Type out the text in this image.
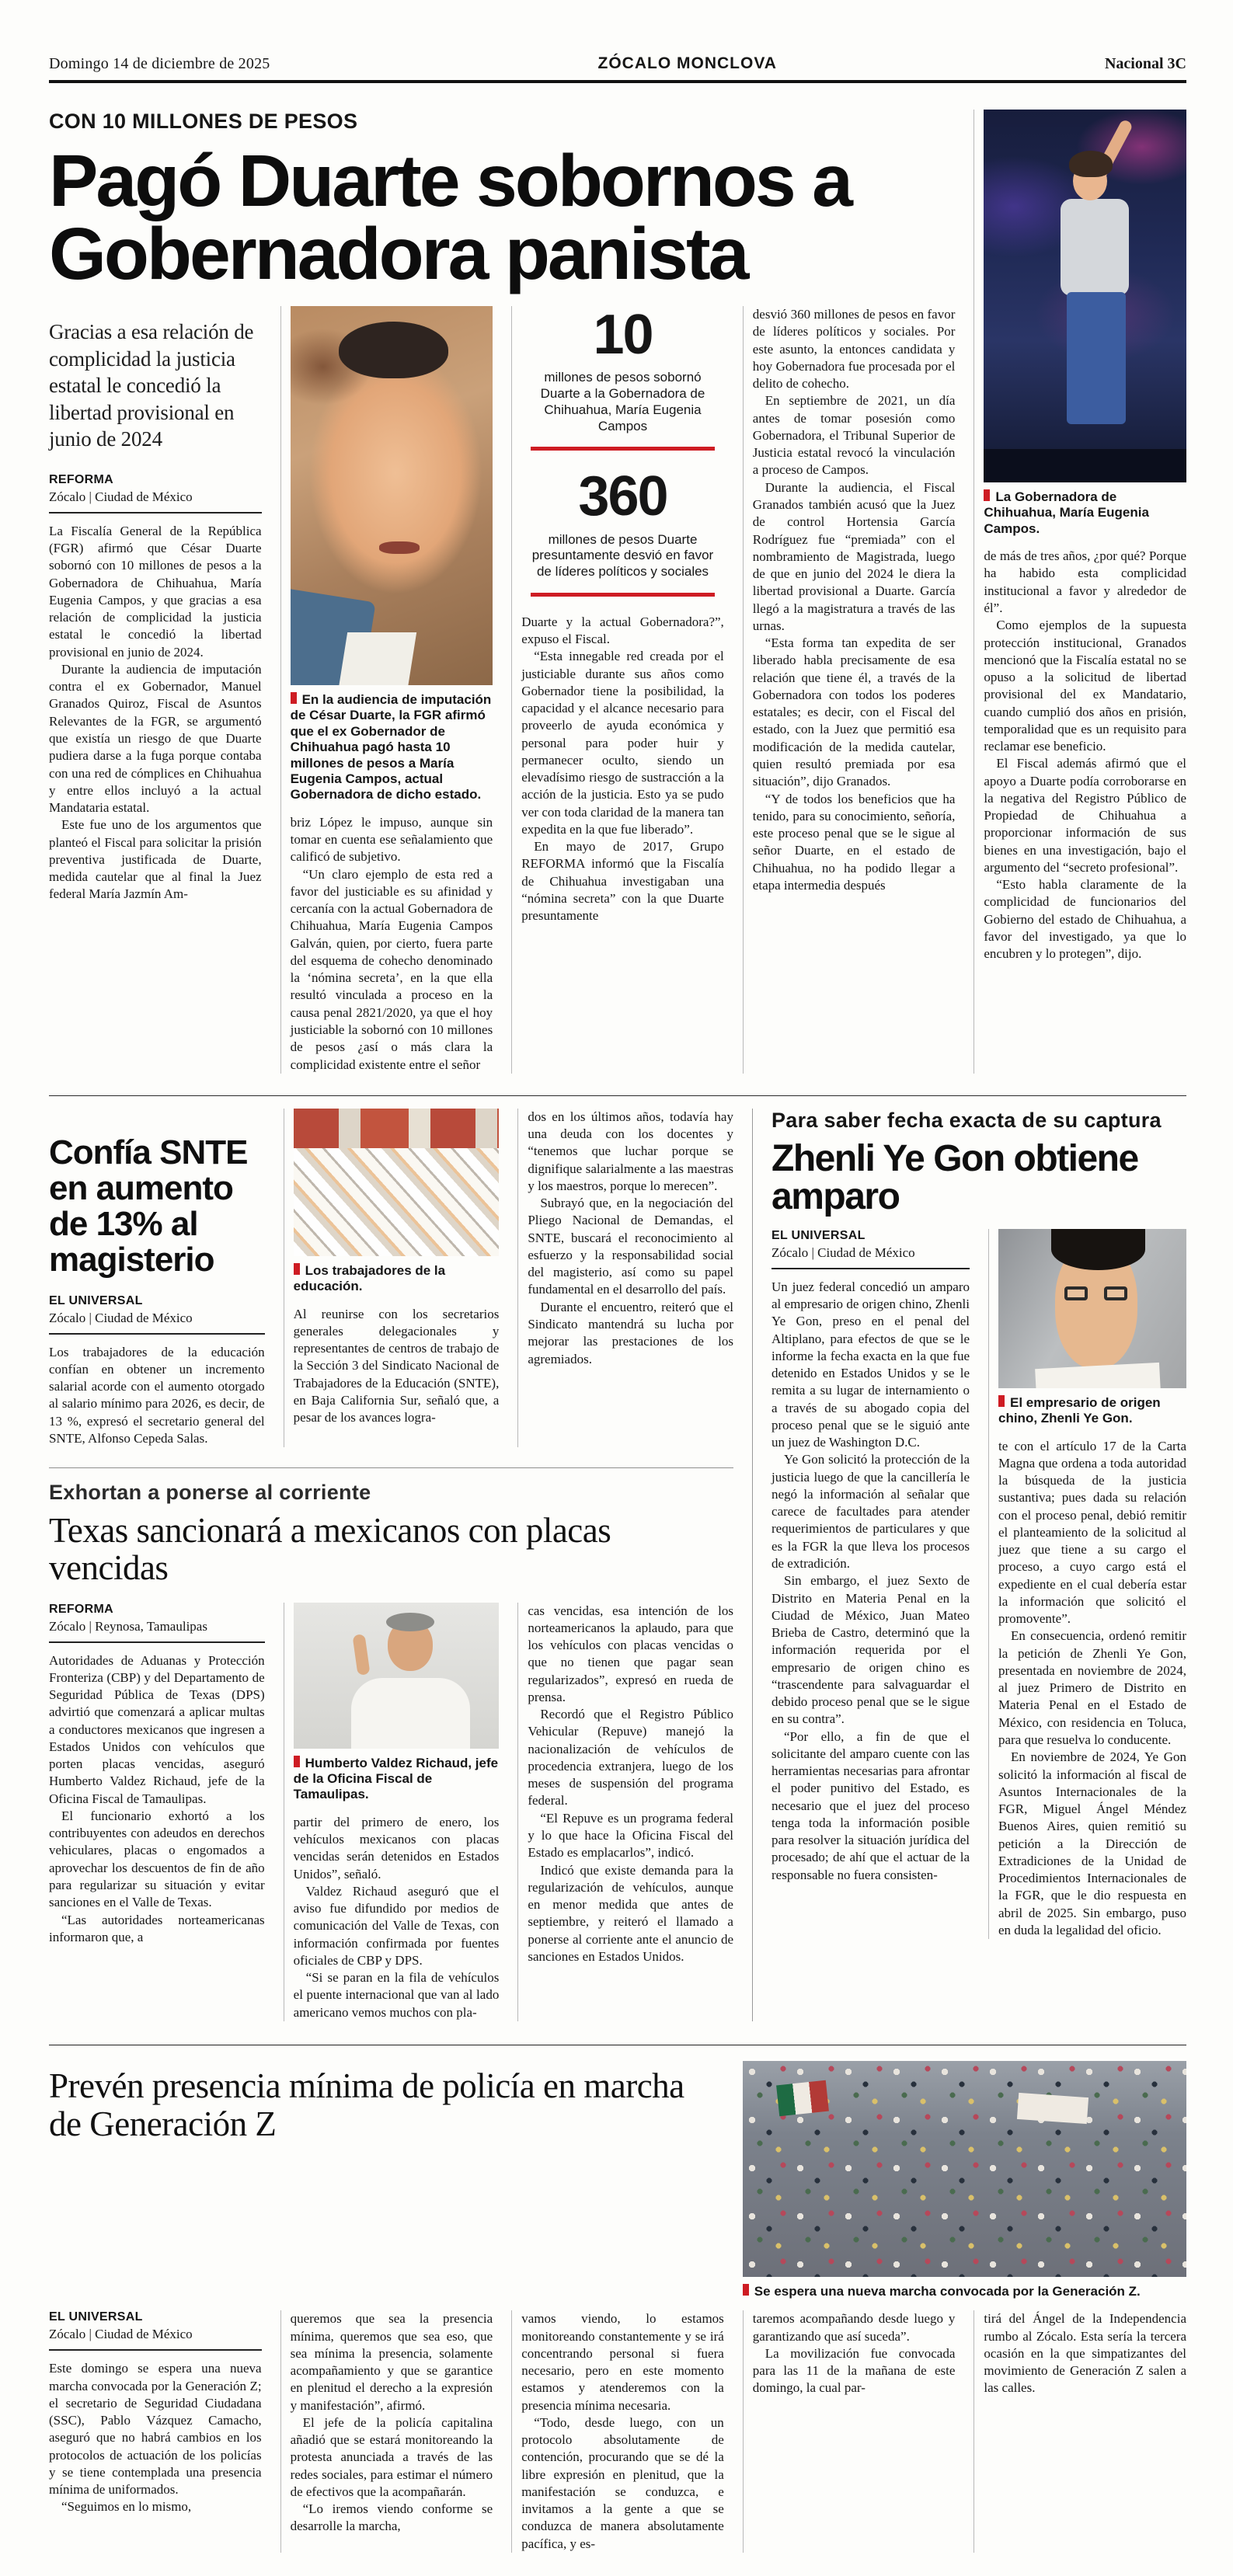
Domingo 14 de diciembre de 2025	ZÓCALO MONCLOVA	Nacional 3C
CON 10 MILLONES DE PESOS
Pagó Duarte sobornos a Gobernadora panista
La Gobernadora de Chihuahua, María Eugenia Campos.

de más de tres años, ¿por qué? Porque ha habido esta complicidad institucional a favor y alrededor de él”.

Como ejemplos de la supuesta protección institucional, Granados mencionó que la Fiscalía estatal no se opuso a la solicitud de libertad provisional del ex Mandatario, cuando cumplió dos años en prisión, temporalidad que es un requisito para reclamar ese beneficio.

El Fiscal además afirmó que el apoyo a Duarte podía corroborarse en la negativa del Registro Público de Propiedad de Chihuahua a proporcionar información de sus bienes en una investigación, bajo el argumento del “secreto profesional”.

“Esto habla claramente de la complicidad de funcionarios del Gobierno del estado de Chihuahua, a favor del investigado, ya que lo encubren y lo protegen”, dijo.

Gracias a esa relación de complicidad la justicia estatal le concedió la libertad provisional en junio de 2024
REFORMA
Zócalo | Ciudad de México

La Fiscalía General de la República (FGR) afirmó que César Duarte sobornó con 10 millones de pesos a la Gobernadora de Chihuahua, María Eugenia Campos, y que gracias a esa relación de complicidad la justicia estatal le concedió la libertad provisional en junio de 2024.

Durante la audiencia de imputación contra el ex Gobernador, Manuel Granados Quiroz, Fiscal de Asuntos Relevantes de la FGR, se argumentó que existía un riesgo de que Duarte pudiera darse a la fuga porque contaba con una red de cómplices en Chihuahua y entre ellos incluyó a la actual Mandataria estatal.

Este fue uno de los argumentos que planteó el Fiscal para solicitar la prisión preventiva justificada de Duarte, medida cautelar que al final la Juez federal María Jazmín Am-

En la audiencia de imputación de César Duarte, la FGR afirmó que el ex Gobernador de Chihuahua pagó hasta 10 millones de pesos a María Eugenia Campos, actual Gobernadora de dicho estado.

briz López le impuso, aunque sin tomar en cuenta ese señalamiento que calificó de subjetivo.

“Un claro ejemplo de esta red a favor del justiciable es su afinidad y cercanía con la actual Gobernadora de Chihuahua, María Eugenia Campos Galván, quien, por cierto, fuera parte del esquema de cohecho denominado la ‘nómina secreta’, en la que ella resultó vinculada a proceso en la causa penal 2821/2020, ya que el hoy justiciable la sobornó con 10 millones de pesos ¿así o más clara la complicidad existente entre el señor

10
millones de pesos sobornó Duarte a la Gobernadora de Chihuahua, María Eugenia Campos
360
millones de pesos Duarte presuntamente desvió en favor de líderes políticos y sociales

Duarte y la actual Gobernadora?”, expuso el Fiscal.

“Esta innegable red creada por el justiciable durante sus años como Gobernador tiene la posibilidad, la capacidad y el alcance necesario para proveerlo de ayuda económica y personal para poder huir y permanecer oculto, siendo un elevadísimo riesgo de sustracción a la acción de la justicia. Esto ya se pudo ver con toda claridad de la manera tan expedita en la que fue liberado”.

En mayo de 2017, Grupo REFORMA informó que la Fiscalía de Chihuahua investigaban una “nómina secreta” con la que Duarte presuntamente

desvió 360 millones de pesos en favor de líderes políticos y sociales. Por este asunto, la entonces candidata y hoy Gobernadora fue procesada por el delito de cohecho.

En septiembre de 2021, un día antes de tomar posesión como Gobernadora, el Tribunal Superior de Justicia estatal revocó la vinculación a proceso de Campos.

Durante la audiencia, el Fiscal Granados también acusó que la Juez de control Hortensia García Rodríguez fue “premiada” con el nombramiento de Magistrada, luego de que en junio del 2024 le diera la libertad provisional a Duarte. García llegó a la magistratura a través de las urnas.

“Esta forma tan expedita de ser liberado habla precisamente de esa relación que tiene él, a través de la Gobernadora con todos los poderes estatales; es decir, con el Fiscal del estado, con la Juez que permitió esa modificación de la medida cautelar, quien resultó premiada por esa situación”, dijo Granados.

“Y de todos los beneficios que ha tenido, para su conocimiento, señoría, este proceso penal que se le sigue al señor Duarte, en el estado de Chihuahua, no ha podido llegar a etapa intermedia después

Confía SNTE en aumento de 13% al magisterio
EL UNIVERSAL
Zócalo | Ciudad de México

Los trabajadores de la educación confían en obtener un incremento salarial acorde con el aumento otorgado al salario mínimo para 2026, es decir, de 13 %, expresó el secretario general del SNTE, Alfonso Cepeda Salas.

Los trabajadores de la educación.

Al reunirse con los secretarios generales delegacionales y representantes de centros de trabajo de la Sección 3 del Sindicato Nacional de Trabajadores de la Educación (SNTE), en Baja California Sur, señaló que, a pesar de los avances logra-

dos en los últimos años, todavía hay una deuda con los docentes y “tenemos que luchar porque se dignifique salarialmente a las maestras y los maestros, porque lo merecen”.

Subrayó que, en la negociación del Pliego Nacional de Demandas, el SNTE, buscará el reconocimiento al esfuerzo y la responsabilidad social del magisterio, así como su papel fundamental en el desarrollo del país.

Durante el encuentro, reiteró que el Sindicato mantendrá su lucha por mejorar las prestaciones de los agremiados.

Exhortan a ponerse al corriente
Texas sancionará a mexicanos con placas vencidas
REFORMA
Zócalo | Reynosa, Tamaulipas

Autoridades de Aduanas y Protección Fronteriza (CBP) y del Departamento de Seguridad Pública de Texas (DPS) advirtió que comenzará a aplicar multas a conductores mexicanos que ingresen a Estados Unidos con vehículos que porten placas vencidas, aseguró Humberto Valdez Richaud, jefe de la Oficina Fiscal de Tamaulipas.

El funcionario exhortó a los contribuyentes con adeudos en derechos vehiculares, placas o engomados a aprovechar los descuentos de fin de año para regularizar su situación y evitar sanciones en el Valle de Texas.

“Las autoridades norteamericanas informaron que, a

Humberto Valdez Richaud, jefe de la Oficina Fiscal de Tamaulipas.

partir del primero de enero, los vehículos mexicanos con placas vencidas serán detenidos en Estados Unidos”, señaló.

Valdez Richaud aseguró que el aviso fue difundido por medios de comunicación del Valle de Texas, con información confirmada por fuentes oficiales de CBP y DPS.

“Si se paran en la fila de vehículos el puente internacional que van al lado americano vemos muchos con pla-

cas vencidas, esa intención de los norteamericanos la aplaudo, para que los vehículos con placas vencidas o que no tienen que pagar sean regularizados”, expresó en rueda de prensa.

Recordó que el Registro Público Vehicular (Repuve) manejó la nacionalización de vehículos de procedencia extranjera, luego de los meses de suspensión del programa federal.

“El Repuve es un programa federal y lo que hace la Oficina Fiscal del Estado es emplacarlos”, indicó.

Indicó que existe demanda para la regularización de vehículos, aunque en menor medida que antes de septiembre, y reiteró el llamado a ponerse al corriente ante el anuncio de sanciones en Estados Unidos.

Para saber fecha exacta de su captura
Zhenli Ye Gon obtiene amparo
EL UNIVERSAL
Zócalo | Ciudad de México

Un juez federal concedió un amparo al empresario de origen chino, Zhenli Ye Gon, preso en el penal del Altiplano, para efectos de que se le informe la fecha exacta en la que fue detenido en Estados Unidos y se le remita a su lugar de internamiento o a través de su abogado copia del proceso penal que se le siguió ante un juez de Washington D.C.

Ye Gon solicitó la protección de la justicia luego de que la cancillería le negó la información al señalar que carece de facultades para atender requerimientos de particulares y que es la FGR la que lleva los procesos de extradición.

Sin embargo, el juez Sexto de Distrito en Materia Penal en la Ciudad de México, Juan Mateo Brieba de Castro, determinó que la información requerida por el empresario de origen chino es “trascendente para salvaguardar el debido proceso penal que se le sigue en su contra”.

“Por ello, a fin de que el solicitante del amparo cuente con las herramientas necesarias para afrontar el poder punitivo del Estado, es necesario que el juez del proceso tenga toda la información posible para resolver la situación jurídica del procesado; de ahí que el actuar de la responsable no fuera consisten-

El empresario de origen chino, Zhenli Ye Gon.

te con el artículo 17 de la Carta Magna que ordena a toda autoridad la búsqueda de la justicia sustantiva; pues dada su relación con el proceso penal, debió remitir el planteamiento de la solicitud al juez que tiene a su cargo el proceso, a cuyo cargo está el expediente en el cual debería estar la información que solicitó el promovente”.

En consecuencia, ordenó remitir la petición de Zhenli Ye Gon, presentada en noviembre de 2024, al juez Primero de Distrito en Materia Penal en el Estado de México, con residencia en Toluca, para que resuelva lo conducente.

En noviembre de 2024, Ye Gon solicitó la información al fiscal de Asuntos Internacionales de la FGR, Miguel Ángel Méndez Buenos Aires, quien remitió su petición a la Dirección de Extradiciones de la Unidad de Procedimientos Internacionales de la FGR, que le dio respuesta en abril de 2025. Sin embargo, puso en duda la legalidad del oficio.

Prevén presencia mínima de policía en marcha de Generación Z
Se espera una nueva marcha convocada por la Generación Z.
EL UNIVERSAL
Zócalo | Ciudad de México

Este domingo se espera una nueva marcha convocada por la Generación Z; el secretario de Seguridad Ciudadana (SSC), Pablo Vázquez Camacho, aseguró que no habrá cambios en los protocolos de actuación de los policías y se tiene contemplada una presencia mínima de uniformados.

“Seguimos en lo mismo,

queremos que sea la presencia mínima, queremos que sea eso, que sea mínima la presencia, solamente acompañamiento y que se garantice en plenitud el derecho a la expresión y manifestación”, afirmó.

El jefe de la policía capitalina añadió que se estará monitoreando la protesta anunciada a través de las redes sociales, para estimar el número de efectivos que la acompañarán.

“Lo iremos viendo conforme se desarrolle la marcha,

vamos viendo, lo estamos monitoreando constantemente y se irá concentrando personal si fuera necesario, pero en este momento estamos y atenderemos con la presencia mínima necesaria.

“Todo, desde luego, con un protocolo absolutamente de contención, procurando que se dé la libre expresión en plenitud, que la manifestación se conduzca, e invitamos a la gente a que se conduzca de manera absolutamente pacífica, y es-

taremos acompañando desde luego y garantizando que así suceda”.

La movilización fue convocada para las 11 de la mañana de este domingo, la cual par-

tirá del Ángel de la Independencia rumbo al Zócalo. Esta sería la tercera ocasión en la que simpatizantes del movimiento de Generación Z salen a las calles.
